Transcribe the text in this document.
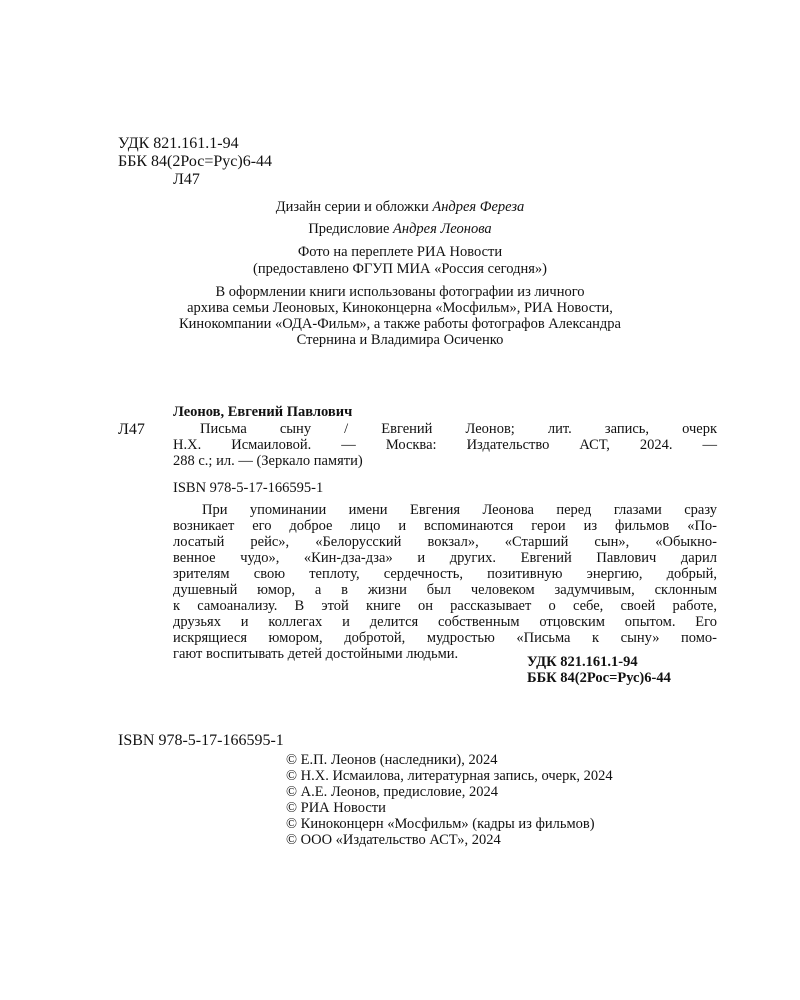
УДК 821.161.1-94
ББК 84(2Рос=Рус)6-44
Л47
Дизайн серии и обложки Андрея Фереза
Предисловие Андрея Леонова
Фото на переплете РИА Новости
(предоставлено ФГУП МИА «Россия сегодня»)
В оформлении книги использованы фотографии из личного
архива семьи Леоновых, Киноконцерна «Мосфильм», РИА Новости,
Кинокомпании «ОДА-Фильм», а также работы фотографов Александра
Стернина и Владимира Осиченко
Леонов, Евгений Павлович
Л47	Письма сыну / Евгений Леонов; лит. запись, очерк
Н.Х. Исмаиловой. — Москва: Издательство АСТ, 2024. —
288 с.; ил. — (Зеркало памяти)
ISBN 978-5-17-166595-1
При упоминании имени Евгения Леонова перед глазами сразу
возникает его доброе лицо и вспоминаются герои из фильмов «По-
лосатый рейс», «Белорусский вокзал», «Старший сын», «Обыкно-
венное чудо», «Кин-дза-дза» и других. Евгений Павлович дарил
зрителям свою теплоту, сердечность, позитивную энергию, добрый,
душевный юмор, а в жизни был человеком задумчивым, склонным
к самоанализу. В этой книге он рассказывает о себе, своей работе,
друзьях и коллегах и делится собственным отцовским опытом. Его
искрящиеся юмором, добротой, мудростью «Письма к сыну» помо-
гают воспитывать детей достойными людьми.	УДК 821.161.1-94
ББК 84(2Рос=Рус)6-44
ISBN 978-5-17-166595-1
© Е.П. Леонов (наследники), 2024
© Н.Х. Исмаилова, литературная запись, очерк, 2024
© А.Е. Леонов, предисловие, 2024
© РИА Новости
© Киноконцерн «Мосфильм» (кадры из фильмов)
© ООО «Издательство АСТ», 2024
